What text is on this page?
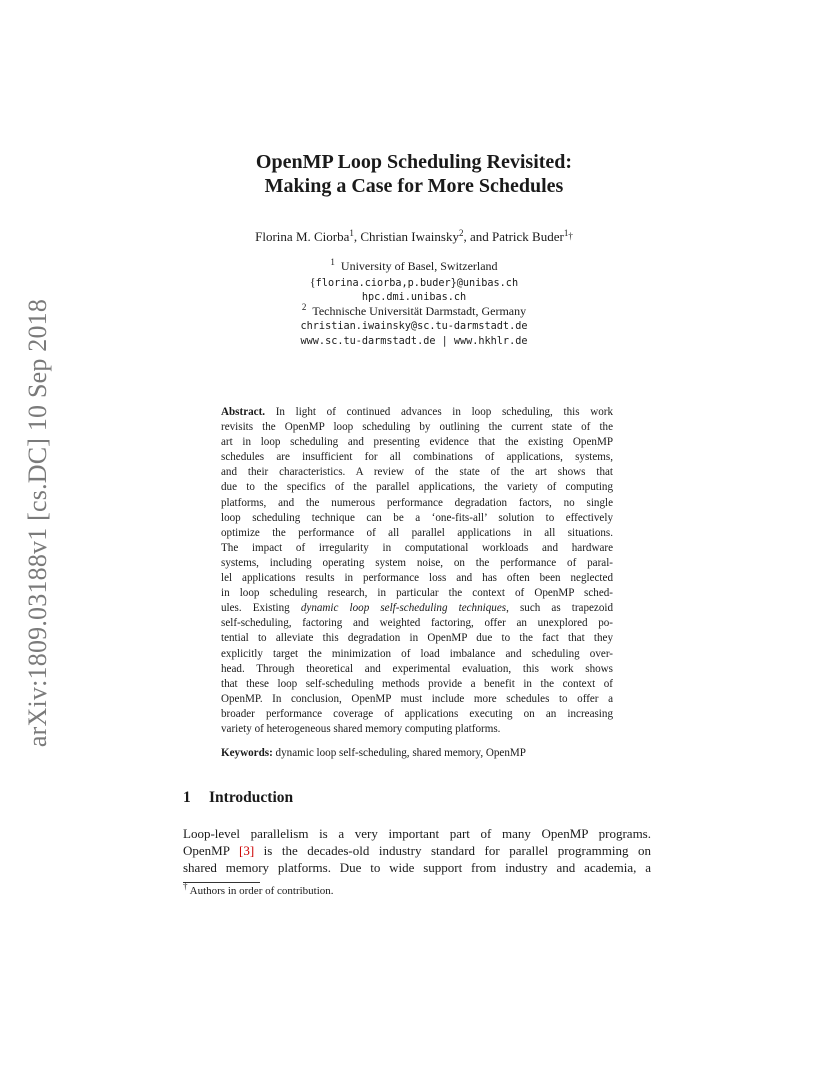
arXiv:1809.03188v1 [cs.DC] 10 Sep 2018
OpenMP Loop Scheduling Revisited:
Making a Case for More Schedules
Florina M. Ciorba$^1$, Christian Iwainsky$^2$, and Patrick Buder$^1_\dagger$
$^1$ University of Basel, Switzerland
{florina.ciorba,p.buder}@unibas.ch
hpc.dmi.unibas.ch
$^2$ Technische Universität Darmstadt, Germany
christian.iwainsky@sc.tu-darmstadt.de
www.sc.tu-darmstadt.de | www.hkhlr.de
Abstract. In light of continued advances in loop scheduling, this work
revisits the OpenMP loop scheduling by outlining the current state of the
art in loop scheduling and presenting evidence that the existing OpenMP
schedules are insufficient for all combinations of applications, systems,
and their characteristics. A review of the state of the art shows that
due to the specifics of the parallel applications, the variety of computing
platforms, and the numerous performance degradation factors, no single
loop scheduling technique can be a ‘one-fits-all’ solution to effectively
optimize the performance of all parallel applications in all situations.
The impact of irregularity in computational workloads and hardware
systems, including operating system noise, on the performance of paral-
lel applications results in performance loss and has often been neglected
in loop scheduling research, in particular the context of OpenMP sched-
ules. Existing dynamic loop self-scheduling techniques, such as trapezoid
self-scheduling, factoring and weighted factoring, offer an unexplored po-
tential to alleviate this degradation in OpenMP due to the fact that they
explicitly target the minimization of load imbalance and scheduling over-
head. Through theoretical and experimental evaluation, this work shows
that these loop self-scheduling methods provide a benefit in the context of
OpenMP. In conclusion, OpenMP must include more schedules to offer a
broader performance coverage of applications executing on an increasing
variety of heterogeneous shared memory computing platforms.
Keywords: dynamic loop self-scheduling, shared memory, OpenMP
1 Introduction
Loop-level parallelism is a very important part of many OpenMP programs.
OpenMP [3] is the decades-old industry standard for parallel programming on
shared memory platforms. Due to wide support from industry and academia, a
† Authors in order of contribution.
